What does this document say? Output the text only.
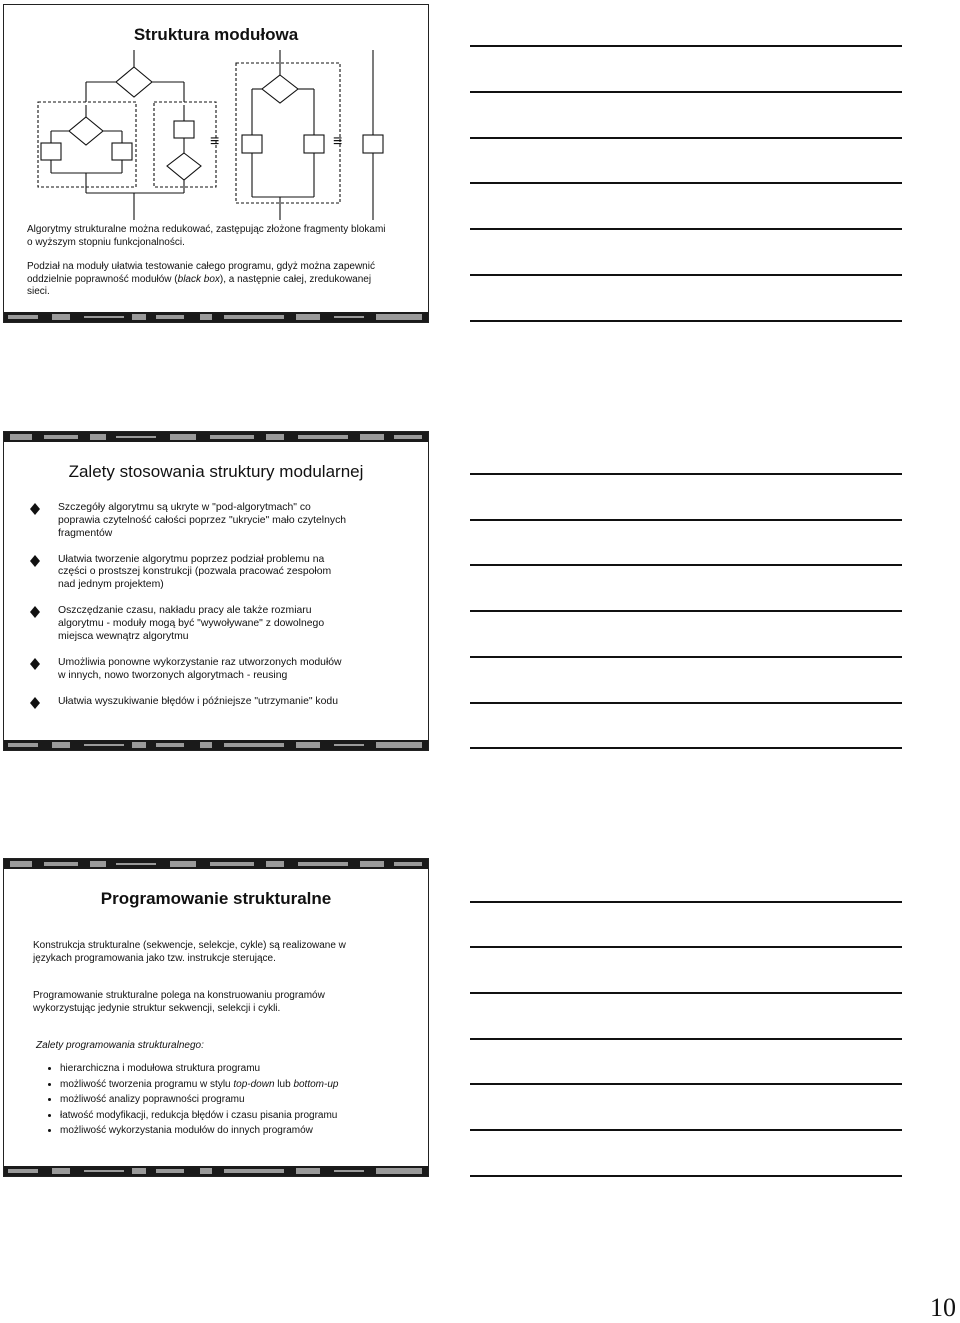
Struktura modułowa
≡	≡
Algorytmy strukturalne można redukować, zastępując złożone fragmenty blokami
o wyższym stopniu funkcjonalności.
Podział na moduły ułatwia testowanie całego programu, gdyż można zapewnić
oddzielnie poprawność modułów (black box), a następnie całej, zredukowanej
sieci.
Zalety stosowania struktury modularnej
Szczegóły algorytmu są ukryte w "pod-algorytmach" co
poprawia czytelność całości poprzez "ukrycie" mało czytelnych
fragmentów
Ułatwia tworzenie algorytmu poprzez podział problemu na
części o prostszej konstrukcji (pozwala pracować zespołom
nad jednym projektem)
Oszczędzanie czasu, nakładu pracy ale także rozmiaru
algorytmu - moduły mogą być "wywoływane" z dowolnego
miejsca wewnątrz algorytmu
Umożliwia ponowne wykorzystanie raz utworzonych modułów
w innych, nowo tworzonych algorytmach - reusing
Ułatwia wyszukiwanie błędów i późniejsze "utrzymanie" kodu
Programowanie strukturalne
Konstrukcja strukturalne (sekwencje, selekcje, cykle) są realizowane w
językach programowania jako tzw. instrukcje sterujące.
Programowanie strukturalne polega na konstruowaniu programów
wykorzystując jedynie struktur sekwencji, selekcji i cykli.
Zalety programowania strukturalnego:
hierarchiczna i modułowa struktura programu
możliwość tworzenia programu w stylu top-down lub bottom-up
możliwość analizy poprawności programu
łatwość modyfikacji, redukcja błędów i czasu pisania programu
możliwość wykorzystania modułów do innych programów
10
